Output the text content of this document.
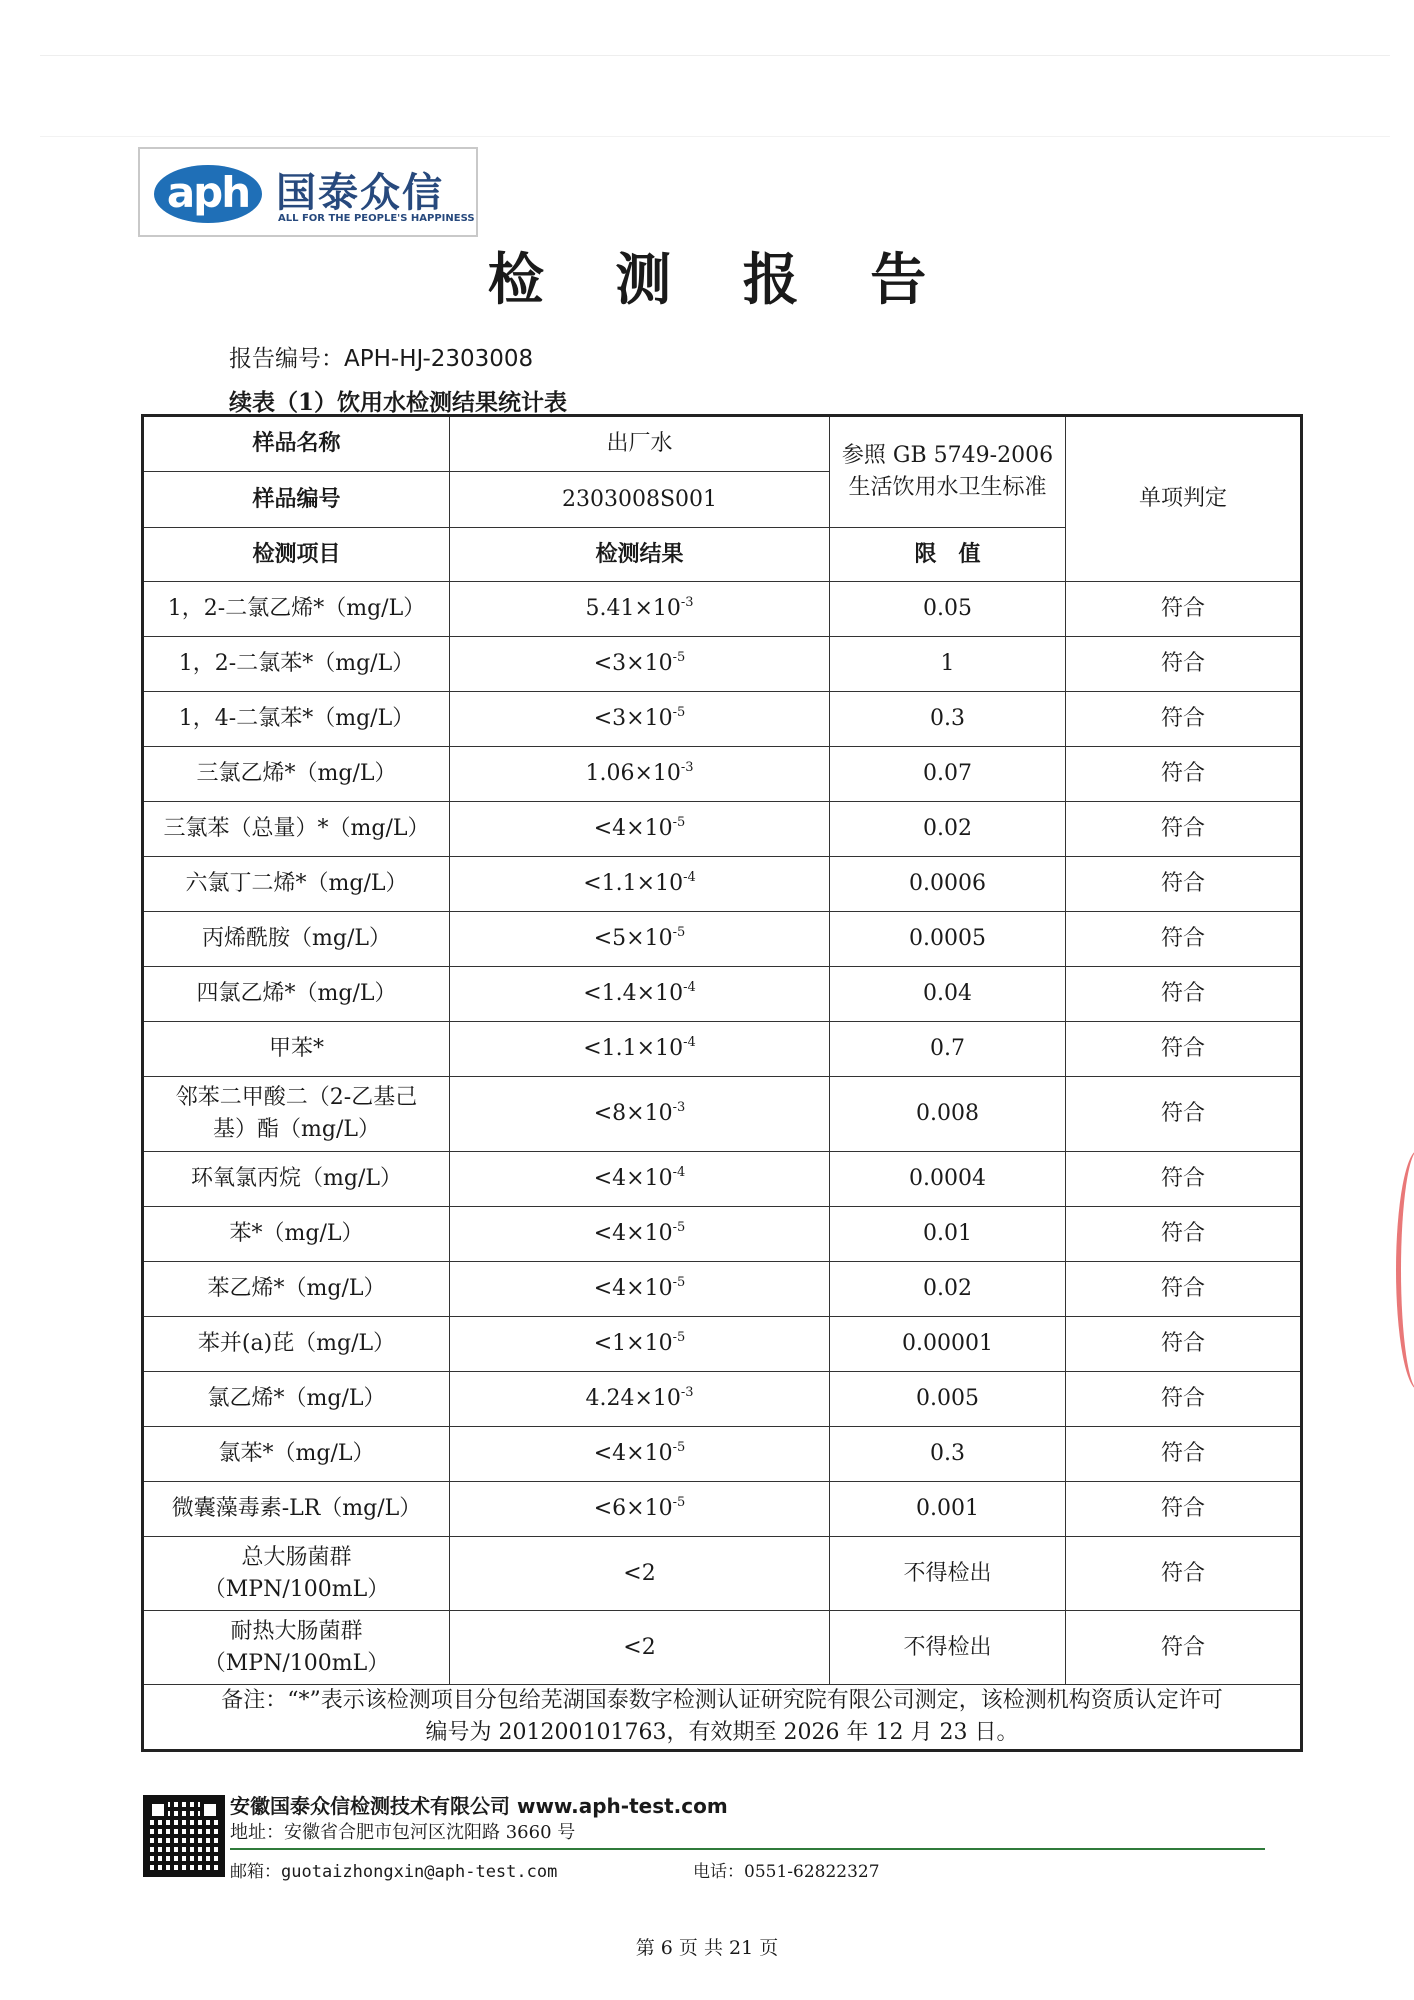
aph 国泰众信
ALL FOR THE PEOPLE'S HAPPINESS
检 测 报 告
报告编号：APH-HJ-2303008
续表（1）饮用水检测结果统计表
样品名称	出厂水	参照 GB 5749-2006 生活饮用水卫生标准	单项判定
样品编号	2303008S001		
检测项目	检测结果	限　值	
1，2-二氯乙烯*（mg/L）	$5.41\times 10^{-3}$	0.05	符合
1，2-二氯苯*（mg/L）	$<3\times 10^{-5}$	1	符合
1，4-二氯苯*（mg/L）	$<3\times 10^{-5}$	0.3	符合
三氯乙烯*（mg/L）	$1.06\times 10^{-3}$	0.07	符合
三氯苯（总量）*（mg/L）	$<4\times 10^{-5}$	0.02	符合
六氯丁二烯*（mg/L）	$<1.1\times 10^{-4}$	0.0006	符合
丙烯酰胺（mg/L）	$<5\times 10^{-5}$	0.0005	符合
四氯乙烯*（mg/L）	$<1.4\times 10^{-4}$	0.04	符合
甲苯*	$<1.1\times 10^{-4}$	0.7	符合
邻苯二甲酸二（2-乙基己基）酯（mg/L）	$<8\times 10^{-3}$	0.008	符合
环氧氯丙烷（mg/L）	$<4\times 10^{-4}$	0.0004	符合
苯*（mg/L）	$<4\times 10^{-5}$	0.01	符合
苯乙烯*（mg/L）	$<4\times 10^{-5}$	0.02	符合
苯并(a)芘（mg/L）	$<1\times 10^{-5}$	0.00001	符合
氯乙烯*（mg/L）	$4.24\times 10^{-3}$	0.005	符合
氯苯*（mg/L）	$<4\times 10^{-5}$	0.3	符合
微囊藻毒素-LR（mg/L）	$<6\times 10^{-5}$	0.001	符合
总大肠菌群（MPN/100mL）	<2	不得检出	符合
耐热大肠菌群（MPN/100mL）	<2	不得检出	符合
备注：“*”表示该检测项目分包给芜湖国泰数字检测认证研究院有限公司测定，该检测机构资质认定许可
编号为 201200101763，有效期至 2026 年 12 月 23 日。			
安徽国泰众信检测技术有限公司 www.aph-test.com
地址：安徽省合肥市包河区沈阳路 3660 号
邮箱：guotaizhongxin@aph-test.com	电话：0551-62822327
第 6 页 共 21 页
